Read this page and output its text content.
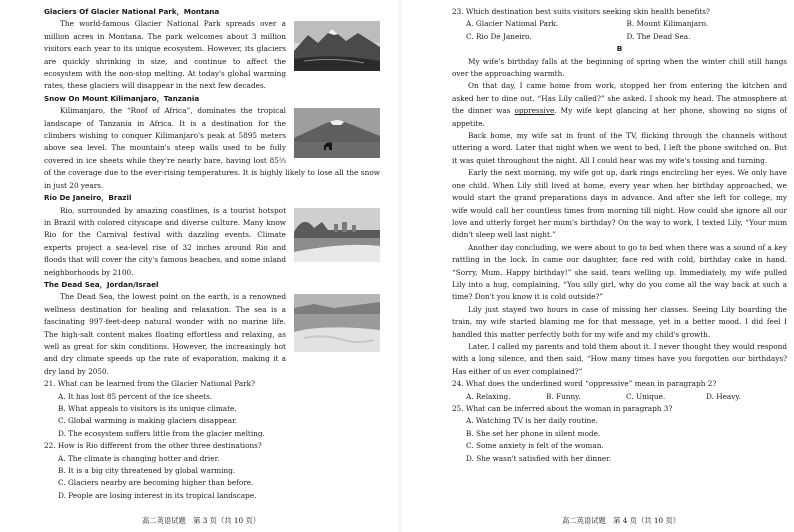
Glaciers Of Glacier National Park，Montana

The world-famous Glacier National Park spreads over a million acres in Montana. The park welcomes about 3 million visitors each year to its unique ecosystem. However, its glaciers are quickly shrinking in size, and continue to affect the ecosystem with the non-stop melting. At today's global warming rates, these glaciers will disappear in the next few decades.

Snow On Mount Kilimanjaro，Tanzania

Kilimanjaro, the “Roof of Africa”, dominates the tropical landscape of Tanzania in Africa. It is a destination for the climbers wishing to conquer Kilimanjaro's peak at 5895 meters above sea level. The mountain's steep walls used to be fully covered in ice sheets while they're nearly bare, having lost 85⅔ of the coverage due to the ever-rising temperatures. It is highly likely to lose all the snow in just 20 years.

Rio De Janeiro，Brazil

Rio, surrounded by amazing coastlines, is a tourist hotspot in Brazil with colored cityscape and diverse culture. Many know Rio for the Carnival festival with dazzling events. Climate experts project a sea-level rise of 32 inches around Rio and floods that will cover the city's famous beaches, and some inland neighborhoods by 2100.

The Dead Sea，Jordan/Israel

The Dead Sea, the lowest point on the earth, is a renowned wellness destination for healing and relaxation. The sea is a fascinating 997-feet-deep natural wonder with no marine life. The high-salt content makes floating effortless and relaxing, as well as great for skin conditions. However, the increasingly hot and dry climate speeds up the rate of evaporation, making it a dry land by 2050.

21. What can be learned from the Glacier National Park?
A. It has lost 85 percent of the ice sheets.
B. What appeals to visitors is its unique climate.
C. Global warming is making glaciers disappear.
D. The ecosystem suffers little from the glacier melting.
22. How is Rio different from the other three destinations?
A. The climate is changing hotter and drier.
B. It is a big city threatened by global warming.
C. Glaciers nearby are becoming higher than before.
D. People are losing interest in its tropical landscape.
23. Which destination best suits visitors seeking skin health benefits?
A. Glacier National Park.	B. Mount Kilimanjaro.
C. Rio De Janeiro.	D. The Dead Sea.
B

My wife's birthday falls at the beginning of spring when the winter chill still hangs over the approaching warmth.

On that day, I came home from work, stopped her from entering the kitchen and asked her to dine out. “Has Lily called?” she asked. I shook my head. The atmosphere at the dinner was oppressive. My wife kept glancing at her phone, showing no signs of appetite.

Back home, my wife sat in front of the TV, flicking through the channels without uttering a word. Later that night when we went to bed, I left the phone switched on. But it was quiet throughout the night. All I could hear was my wife's tossing and turning.

Early the next morning, my wife got up, dark rings encircling her eyes. We only have one child. When Lily still lived at home, every year when her birthday approached, we would start the grand preparations days in advance. And after she left for college, my wife would call her countless times from morning till night. How could she ignore all our love and utterly forget her mum's birthday? On the way to work, I texted Lily, “Your mum didn't sleep well last night.”

Another day concluding, we were about to go to bed when there was a sound of a key rattling in the lock. In came our daughter, face red with cold, birthday cake in hand. “Sorry, Mum. Happy birthday!” she said, tears welling up. Immediately, my wife pulled Lily into a hug, complaining, “You silly girl, why do you come all the way back at such a time? Don't you know it is cold outside?”

Lily just stayed two hours in case of missing her classes. Seeing Lily boarding the train, my wife started blaming me for that message, yet in a better mood. I did feel I handled this matter perfectly both for my wife and my child's growth.

Later, I called my parents and told them about it. I never thought they would respond with a long silence, and then said, “How many times have you forgotten our birthdays? Has either of us ever complained?”

24. What does the underlined word “oppressive” mean in paragraph 2?
A. Relaxing.	B. Funny.	C. Unique.	D. Heavy.
25. What can be inferred about the woman in paragraph 3?
A. Watching TV is her daily routine.
B. She set her phone in silent mode.
C. Some anxiety is felt of the woman.
D. She wasn't satisfied with her dinner.
高二英语试题　第 3 页（共 10 页）	高二英语试题　第 4 页（共 10 页）
